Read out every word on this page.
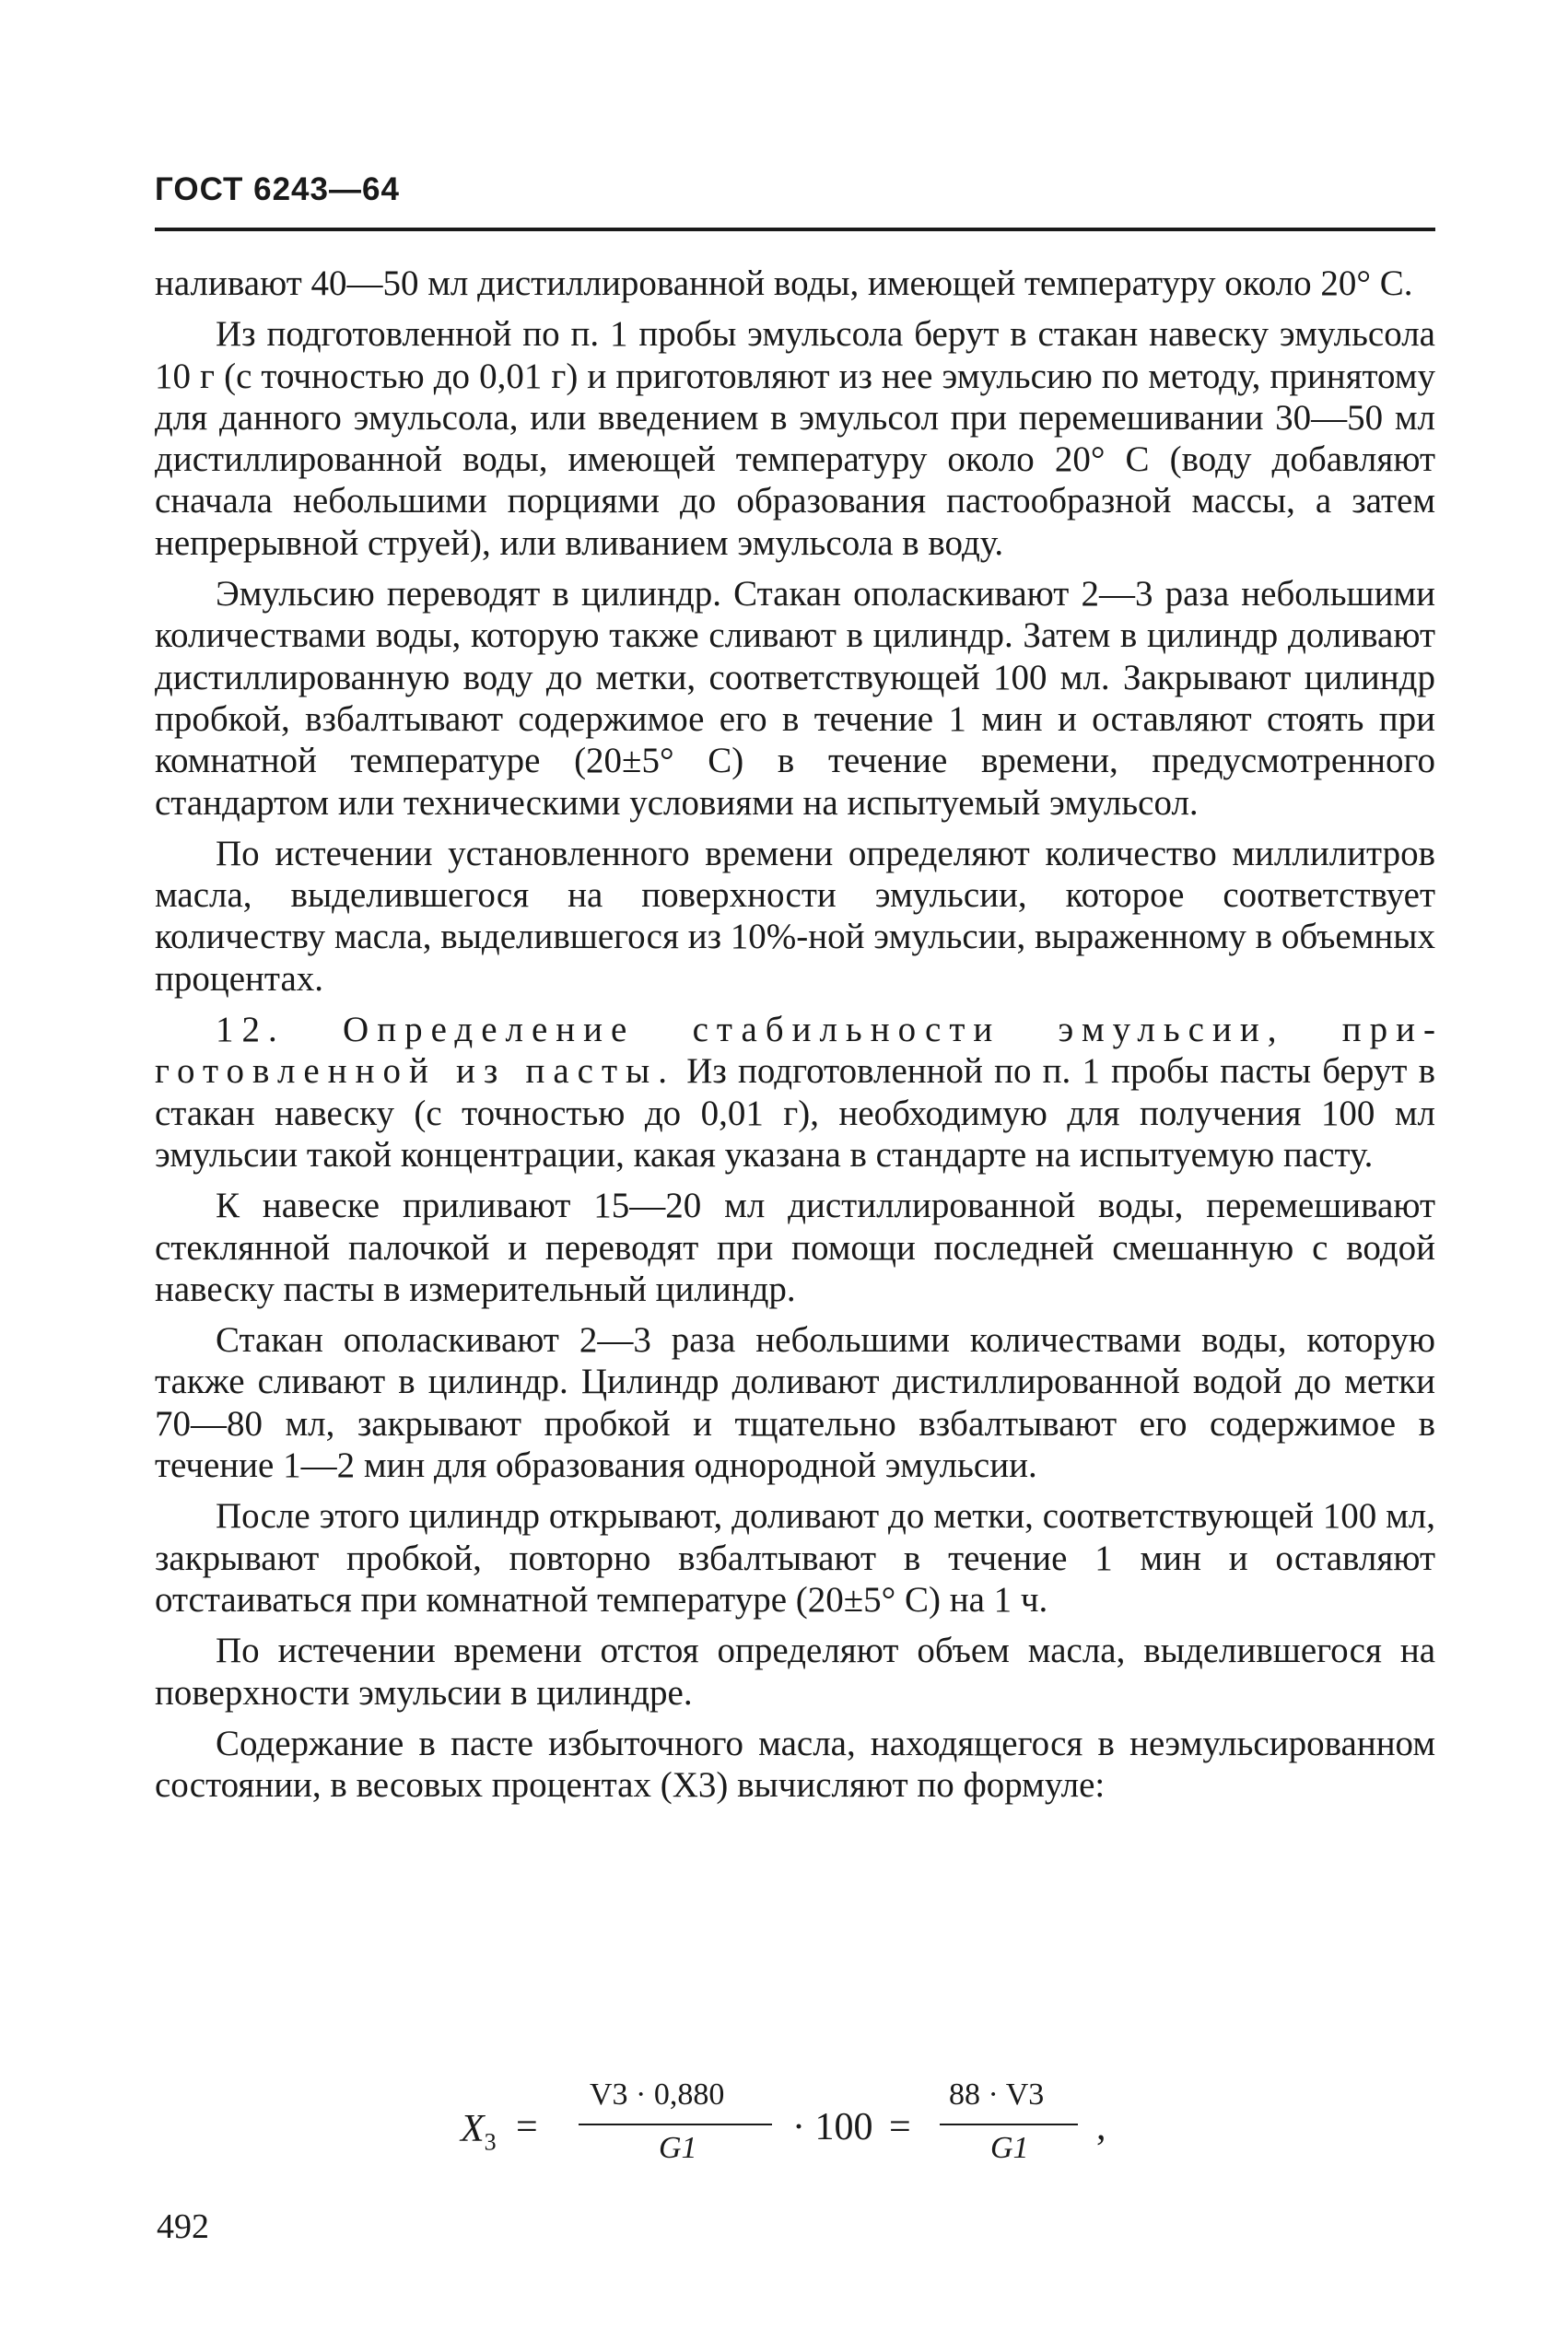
ГОСТ 6243—64

наливают 40—50 мл дистиллированной воды, имеющей температуру около 20° С.

Из подготовленной по п. 1 пробы эмульсола берут в стакан навеску эмульсола 10 г (с точностью до 0,01 г) и приготовляют из нее эмульсию по методу, принятому для данного эмульсола, или введением в эмульсол при перемешивании 30—50 мл дистиллированной воды, имеющей температуру около 20° С (воду добавляют сначала небольшими порциями до образования пастообразной массы, а затем непрерывной струей), или вливанием эмульсола в воду.

Эмульсию переводят в цилиндр. Стакан ополаскивают 2—3 раза небольшими количествами воды, которую также сливают в цилиндр. Затем в цилиндр доливают дистиллированную воду до метки, соответствующей 100 мл. Закрывают цилиндр пробкой, взбалтывают содержимое его в течение 1 мин и оставляют стоять при комнатной температуре (20±5° С) в течение времени, предусмотренного стандартом или техническими условиями на испытуемый эмульсол.

По истечении установленного времени определяют количество миллилитров масла, выделившегося на поверхности эмульсии, которое соответствует количеству масла, выделившегося из 10%-ной эмульсии, выраженному в объемных процентах.

12. Определение стабильности эмульсии, приготовленной из пасты. Из подготовленной по п. 1 пробы пасты берут в стакан навеску (с точностью до 0,01 г), необходимую для получения 100 мл эмульсии такой концентрации, какая указана в стандарте на испытуемую пасту.

К навеске приливают 15—20 мл дистиллированной воды, перемешивают стеклянной палочкой и переводят при помощи последней смешанную с водой навеску пасты в измерительный цилиндр.

Стакан ополаскивают 2—3 раза небольшими количествами воды, которую также сливают в цилиндр. Цилиндр доливают дистиллированной водой до метки 70—80 мл, закрывают пробкой и тщательно взбалтывают его содержимое в течение 1—2 мин для образования однородной эмульсии.

После этого цилиндр открывают, доливают до метки, соответствующей 100 мл, закрывают пробкой, повторно взбалтывают в течение 1 мин и оставляют отстаиваться при комнатной температуре (20±5° С) на 1 ч.

По истечении времени отстоя определяют объем масла, выделившегося на поверхности эмульсии в цилиндре.

Содержание в пасте избыточного масла, находящегося в неэмульсированном состоянии, в весовых процентах (X3) вычисляют по формуле:

$X_3$ =
V3 · 0,880
G1 · 100 =
88 · V3
G1 ,
492
